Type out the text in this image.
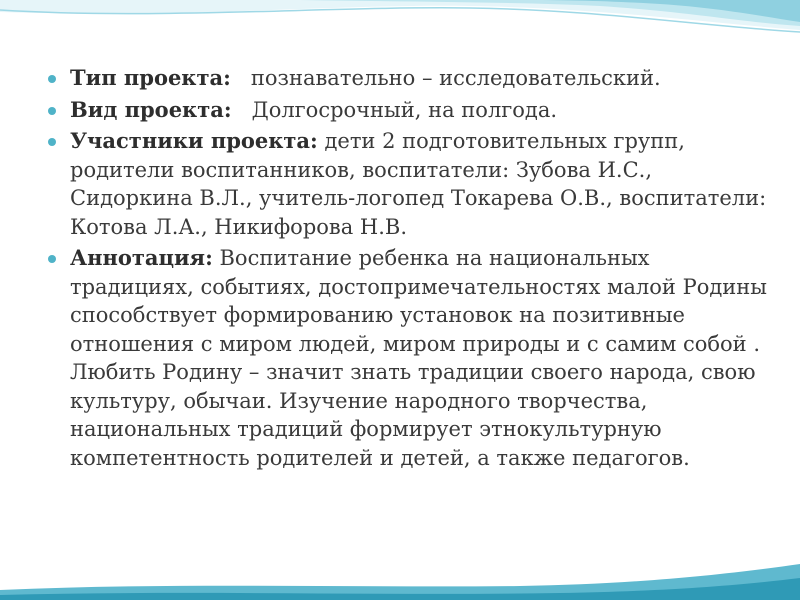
Тип проекта:   познавательно – исследовательский.
Вид проекта:   Долгосрочный, на полгода.
Участники проекта: дети 2 подготовительных групп, родители воспитанников, воспитатели: Зубова И.С., Сидоркина В.Л., учитель-логопед Токарева О.В., воспитатели: Котова Л.А., Никифорова Н.В.
Аннотация: Воспитание ребенка на национальных традициях, событиях, достопримечательностях малой Родины способствует формированию установок на позитивные отношения с миром людей, миром природы и с самим собой . Любить Родину – значит знать традиции своего народа, свою культуру, обычаи. Изучение народного творчества, национальных традиций формирует этнокультурную компетентность родителей и детей, а также педагогов.
